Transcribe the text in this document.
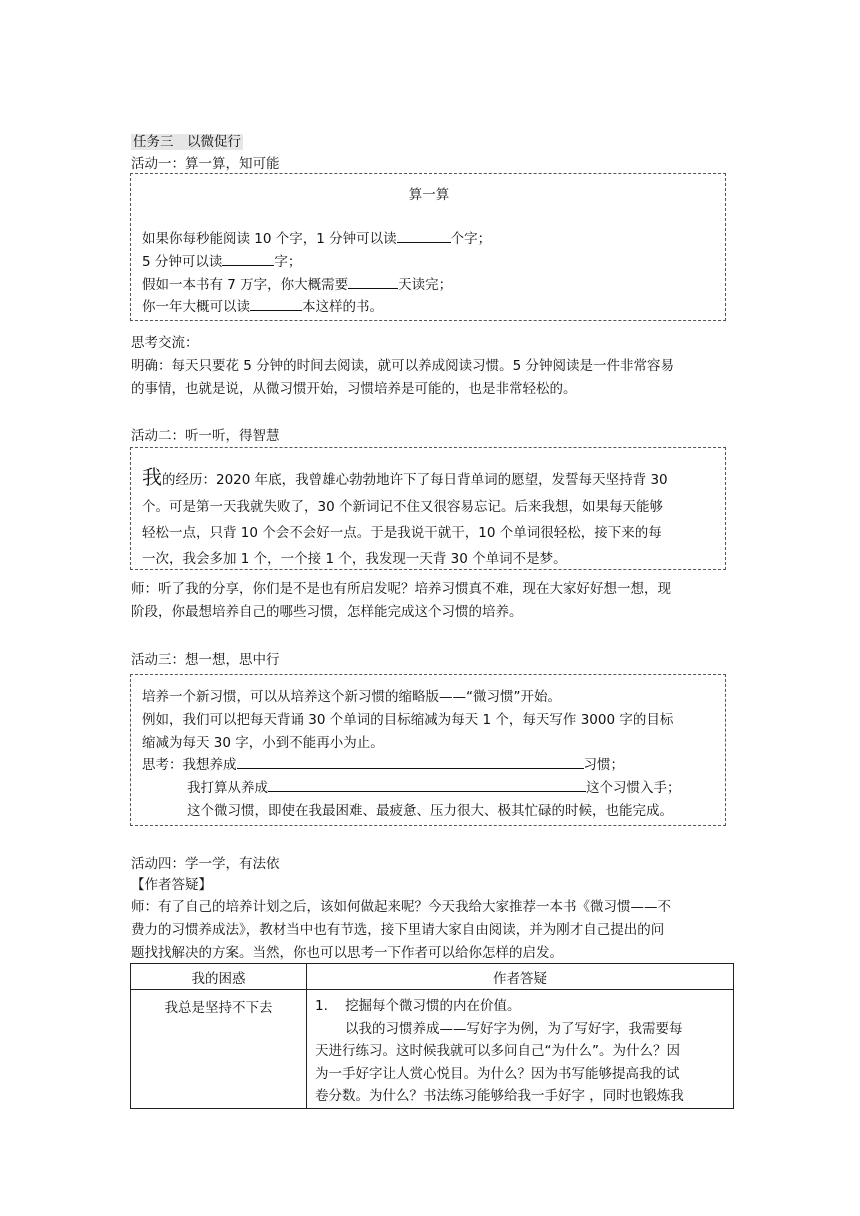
任务三　以微促行
活动一：算一算，知可能
算一算
如果你每秒能阅读 10 个字，1 分钟可以读	个字；
5 分钟可以读	字；
假如一本书有 7 万字，你大概需要	天读完；
你一年大概可以读	本这样的书。
思考交流：
明确：每天只要花 5 分钟的时间去阅读，就可以养成阅读习惯。5 分钟阅读是一件非常容易
的事情，也就是说，从微习惯开始，习惯培养是可能的，也是非常轻松的。
活动二：听一听，得智慧
我的经历：2020 年底，我曾雄心勃勃地许下了每日背单词的愿望，发誓每天坚持背 30
个。可是第一天我就失败了，30 个新词记不住又很容易忘记。后来我想，如果每天能够
轻松一点，只背 10 个会不会好一点。于是我说干就干，10 个单词很轻松，接下来的每
一次，我会多加 1 个，一个接 1 个，我发现一天背 30 个单词不是梦。
师：听了我的分享，你们是不是也有所启发呢？培养习惯真不难，现在大家好好想一想，现
阶段，你最想培养自己的哪些习惯，怎样能完成这个习惯的培养。
活动三：想一想，思中行
培养一个新习惯，可以从培养这个新习惯的缩略版——“微习惯”开始。
例如，我们可以把每天背诵 30 个单词的目标缩减为每天 1 个，每天写作 3000 字的目标
缩减为每天 30 字，小到不能再小为止。
思考：我想养成	习惯；
我打算从养成	这个习惯入手；
这个微习惯，即使在我最困难、最疲惫、压力很大、极其忙碌的时候，也能完成。
活动四：学一学，有法依
【作者答疑】
师：有了自己的培养计划之后，该如何做起来呢？今天我给大家推荐一本书《微习惯——不
费力的习惯养成法》，教材当中也有节选，接下里请大家自由阅读，并为刚才自己提出的问
题找找解决的方案。当然，你也可以思考一下作者可以给你怎样的启发。
我的困惑	作者答疑
我总是坚持不下去	1. 挖掘每个微习惯的内在价值。
以我的习惯养成——写好字为例，为了写好字，我需要每
天进行练习。这时候我就可以多问自己“为什么”。为什么？因
为一手好字让人赏心悦目。为什么？因为书写能够提高我的试
卷分数。为什么？书法练习能够给我一手好字 ，同时也锻炼我
